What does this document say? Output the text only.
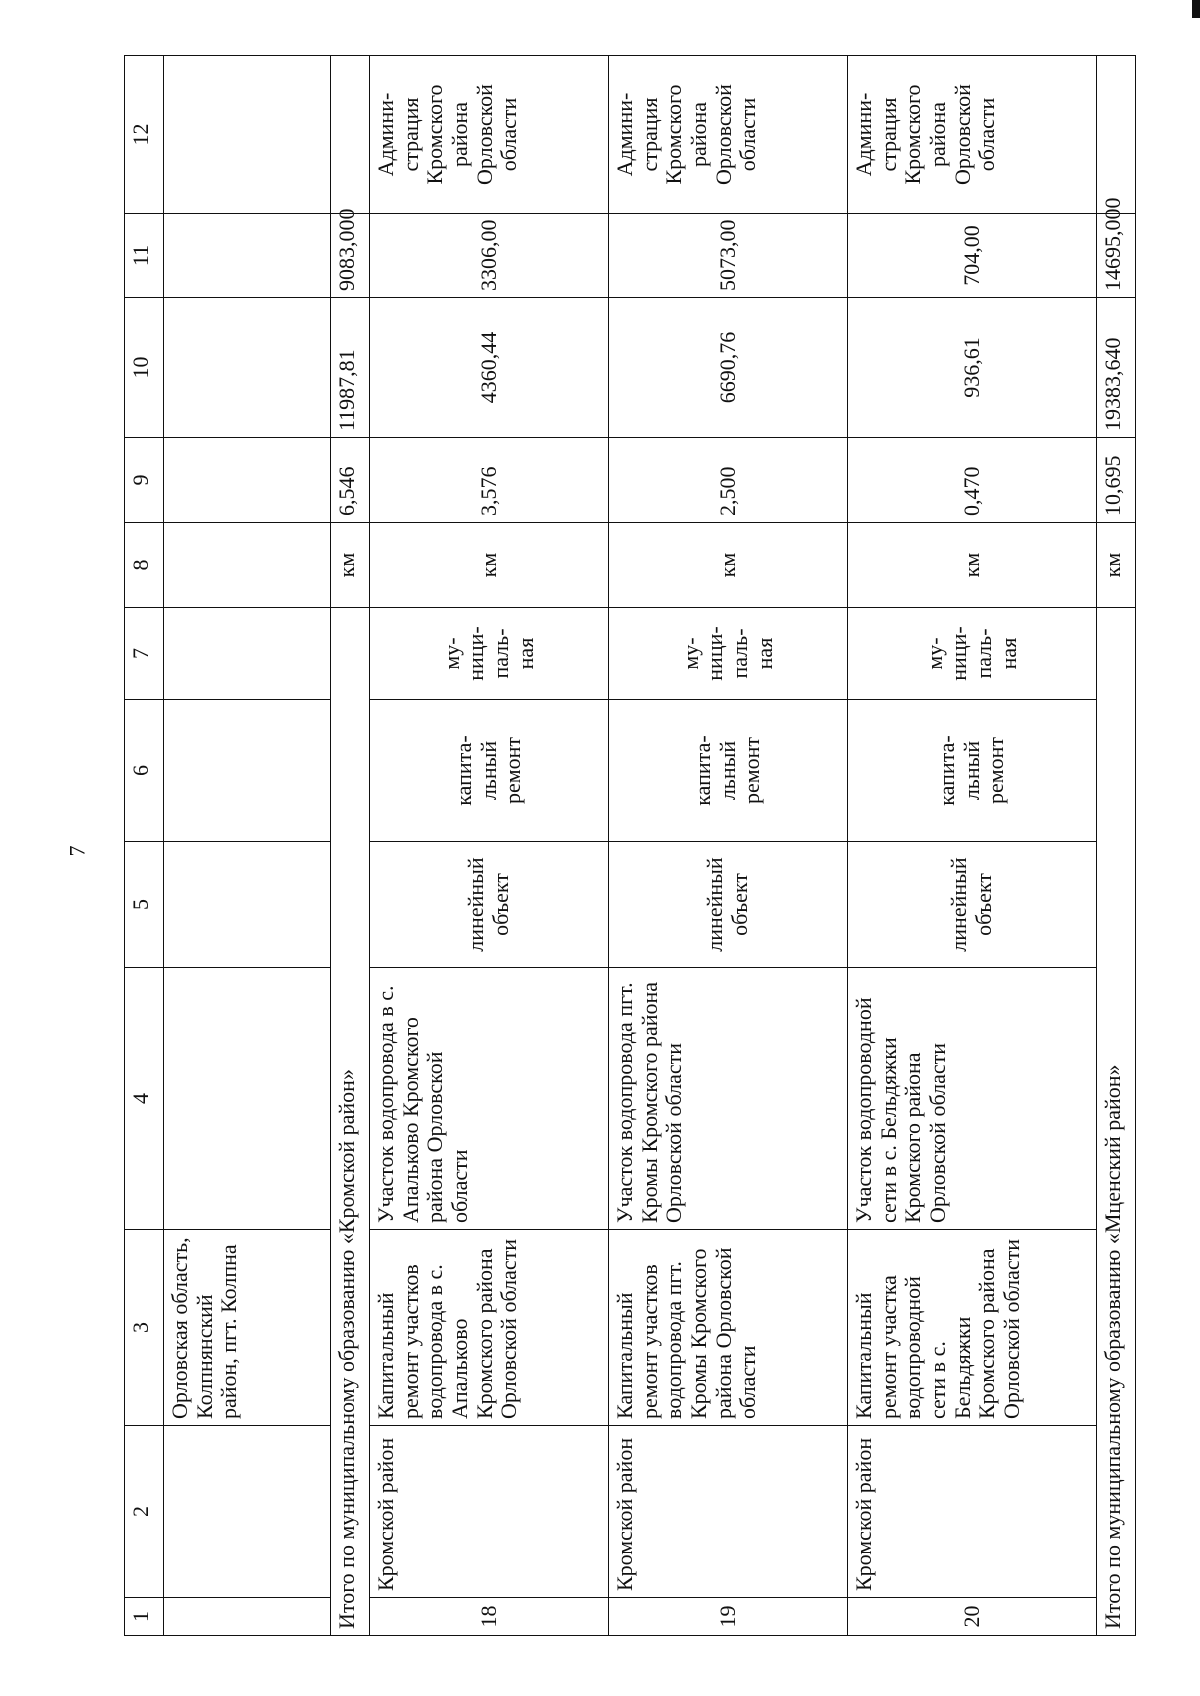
7
1	2	3	4	5	6	7	8	9	10	11	12
		Орловская область, Колпнянский район, пгт. Колпна									
Итого по муниципальному образованию «Кромской район»							км	6,546	11987,81	9083,000	
18	Кромской район	Капитальный ремонт участков водопровода в с. Апальково Кромского района Орловской области	Участок водопровода в с. Апальково Кромского района Орловской области	линейный объект	капита-льный ремонт	му-ници-паль-ная	км	3,576	4360,44	3306,00	Админи-страция Кромского района Орловской области
19	Кромской район	Капитальный ремонт участков водопровода пгт. Кромы Кромского района Орловской области	Участок водопровода пгт. Кромы Кромского района Орловской области	линейный объект	капита-льный ремонт	му-ници-паль-ная	км	2,500	6690,76	5073,00	Админи-страция Кромского района Орловской области
20	Кромской район	Капитальный ремонт участка водопроводной сети в с. Бельдяжки Кромского района Орловской области	Участок водопроводной сети в с. Бельдяжки Кромского района Орловской области	линейный объект	капита-льный ремонт	му-ници-паль-ная	км	0,470	936,61	704,00	Админи-страция Кромского района Орловской области
Итого по муниципальному образованию «Мценский район»							км	10,695	19383,640	14695,000	
